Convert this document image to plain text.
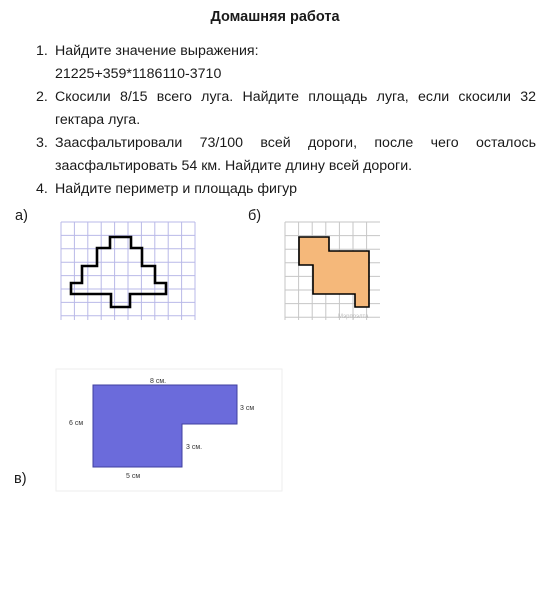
Домашняя работа
1. Найдите значение выражения:
21225+359*1186110-3710
2. Скосили 8/15 всего луга. Найдите площадь луга, если скосили 32 гектара луга.
3. Заасфальтировали 73/100 всей дороги, после чего осталось заасфальтировать 54 км. Найдите длину всей дороги.
4. Найдите периметр и площадь фигур
а)	б)
в)
Мэрпрэлта
8 см.
3 см
6 см
3 см.
5 см
